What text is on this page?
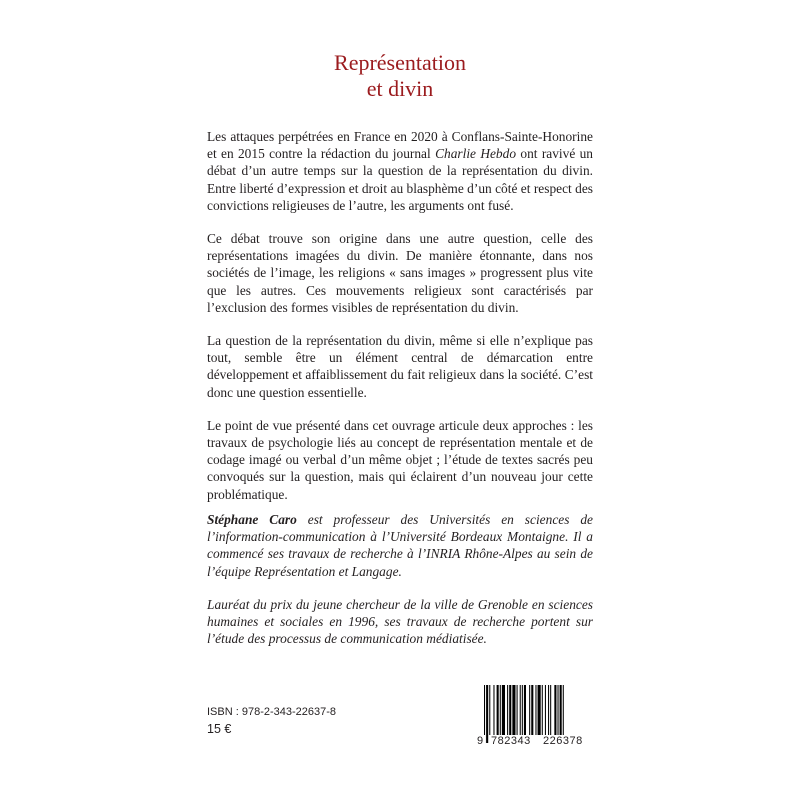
Représentation
et divin

Les attaques perpétrées en France en 2020 à Conflans-Sainte-Honorine et en 2015 contre la rédaction du journal Charlie Hebdo ont ravivé un débat d’un autre temps sur la question de la représentation du divin. Entre liberté d’expression et droit au blasphème d’un côté et respect des convictions religieuses de l’autre, les arguments ont fusé.

Ce débat trouve son origine dans une autre question, celle des représentations imagées du divin. De manière étonnante, dans nos sociétés de l’image, les religions « sans images » progressent plus vite que les autres. Ces mouvements religieux sont caractérisés par l’exclusion des formes visibles de représentation du divin.

La question de la représentation du divin, même si elle n’explique pas tout, semble être un élément central de démarcation entre développement et affaiblissement du fait religieux dans la société. C’est donc une question essentielle.

Le point de vue présenté dans cet ouvrage articule deux approches : les travaux de psychologie liés au concept de représentation mentale et de codage imagé ou verbal d’un même objet ; l’étude de textes sacrés peu convoqués sur la question, mais qui éclairent d’un nouveau jour cette problématique.

Stéphane Caro est professeur des Universités en sciences de l’information-communication à l’Université Bordeaux Montaigne. Il a commencé ses travaux de recherche à l’INRIA Rhône-Alpes au sein de l’équipe Représentation et Langage.

Lauréat du prix du jeune chercheur de la ville de Grenoble en sciences humaines et sociales en 1996, ses travaux de recherche portent sur l’étude des processus de communication médiatisée.

ISBN : 978-2-343-22637-8
15 €
9 782343 226378
